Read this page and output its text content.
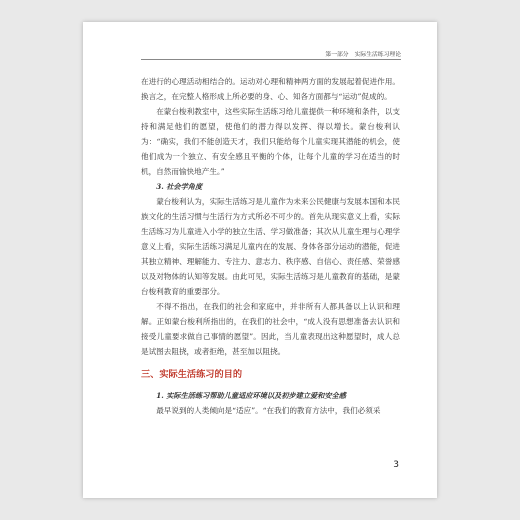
第一部分 实际生活练习理论

在进行的心理活动相结合的。运动对心理和精神两方面的发展起着促进作用。换言之，在完整人格形成上所必要的身、心、知各方面都与“运动”促成的。

在蒙台梭利教室中，这些实际生活练习给儿童提供一种环境和条件，以支持和满足他们的愿望，使他们的潜力得以发挥、得以增长。蒙台梭利认为：“确实，我们不能创造天才，我们只能给每个儿童实现其潜能的机会，使他们成为一个独立、有安全感且平衡的个体，让每个儿童的学习在适当的时机，自然而愉快地产生。”

3. 社会学角度

蒙台梭利认为，实际生活练习是儿童作为未来公民健康与发展本国和本民族文化的生活习惯与生活行为方式所必不可少的。首先从现实意义上看，实际生活练习为儿童进入小学的独立生活、学习做准备；其次从儿童生理与心理学意义上看，实际生活练习满足儿童内在的发展、身体各部分运动的潜能，促进其独立精神、理解能力、专注力、意志力、秩序感、自信心、责任感、荣誉感以及对物体的认知等发展。由此可见，实际生活练习是儿童教育的基础，是蒙台梭利教育的重要部分。

不得不指出，在我们的社会和家庭中，并非所有人都具备以上认识和理解。正如蒙台梭利所指出的，在我们的社会中，“成人没有思想准备去认识和接受儿童要求做自己事情的愿望”。因此，当儿童表现出这种愿望时，成人总是试图去阻挠，或者拒绝，甚至加以阻挠。

三、实际生活练习的目的

1. 实际生活练习帮助儿童适应环境以及初步建立爱和安全感

最早说到的人类倾向是“适应”。“在我们的教育方法中，我们必须采

3
